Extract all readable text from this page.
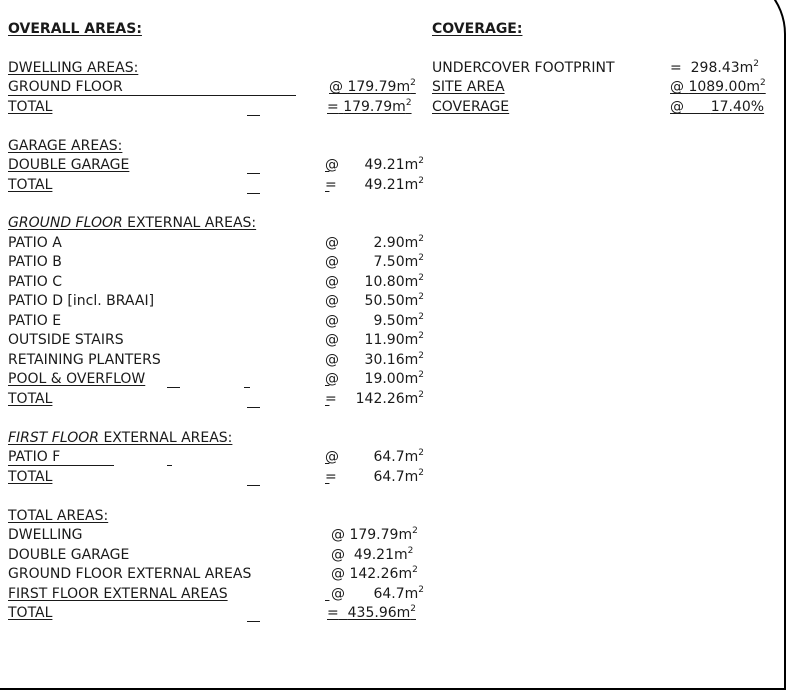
OVERALL AREAS:
DWELLING AREAS:
GROUND FLOOR
TOTAL
@ $179.79m^2$
= $179.79m^2$
GARAGE AREAS:
DOUBLE GARAGE
TOTAL
@ $49.21m^2$

= $49.21m^2$

GROUND FLOOR EXTERNAL AREAS:
PATIO A
PATIO B
PATIO C
PATIO D [incl. BRAAI]
PATIO E
OUTSIDE STAIRS
RETAINING PLANTERS
POOL & OVERFLOW
TOTAL
@ $2.90m^2$

@ $7.50m^2$

@ $10.80m^2$

@ $50.50m^2$

@ $9.50m^2$

@ $11.90m^2$

@ $30.16m^2$

@ $19.00m^2$

= $142.26m^2$

FIRST FLOOR EXTERNAL AREAS:
PATIO F
TOTAL
@ $64.7m^2$

=	$64.7m^2$

TOTAL AREAS:
DWELLING
DOUBLE GARAGE
GROUND FLOOR EXTERNAL AREAS
FIRST FLOOR EXTERNAL AREAS
TOTAL
@ $179.79m^2$
@ $49.21m^2$
@ $142.26m^2$
@ $64.7m^2$

= $435.96m^2$
COVERAGE:
UNDERCOVER FOOTPRINT
SITE AREA
COVERAGE
= $298.43m^2$
@ $1089.00m^2$
@ 17.40%
